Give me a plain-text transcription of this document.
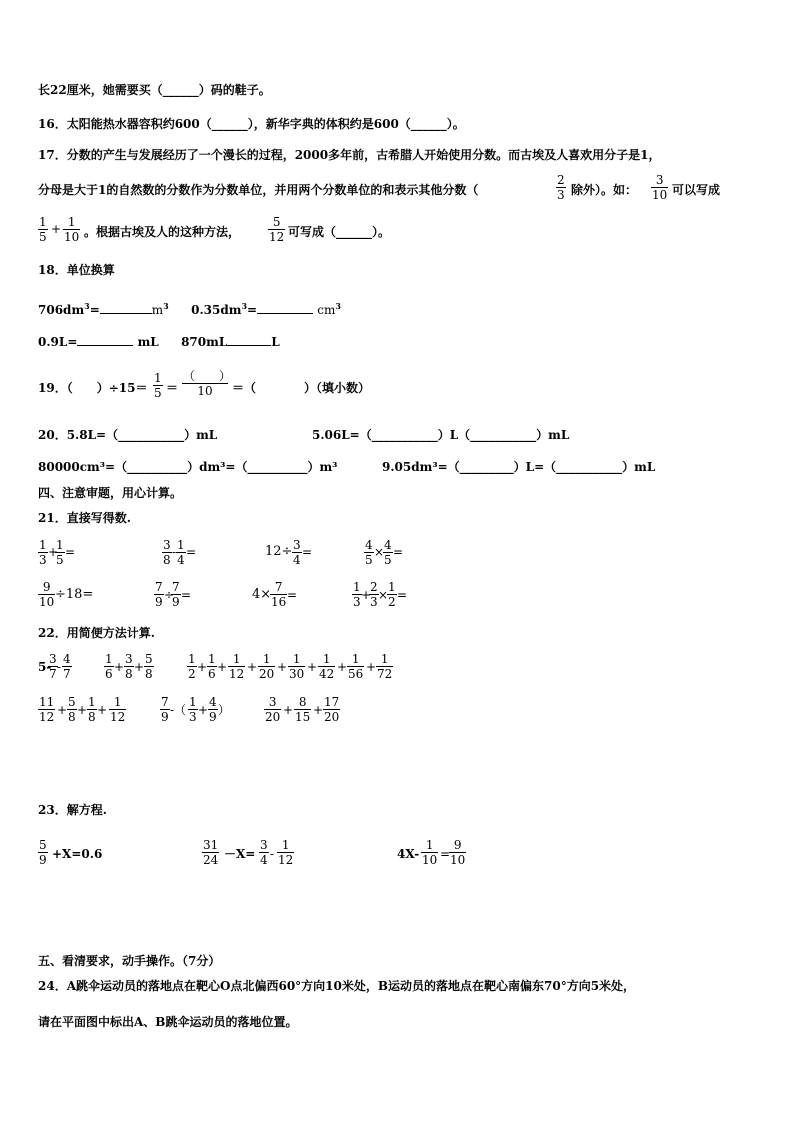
长22厘米，她需要买（______）码的鞋子。
16．太阳能热水器容积约600（______），新华字典的体积约是600（______）。
17．分数的产生与发展经历了一个漫长的过程，2000多年前，古希腊人开始使用分数。而古埃及人喜欢用分子是1，
分母是大于1的自然数的分数作为分数单位，并用两个分数单位的和表示其他分数（
2
3 除外）。如：
3
10 可以写成
1
5
+ 1
10 。根据古埃及人的这种方法，
5
12 可写成（______）。
18．单位换算
$706dm^3=$	$m^3$ $0.35dm^3=$	$cm^3$
0.9L=	mL 870mL	L
19．（　　）÷15＝
1
5 ＝
（　　）
10 ＝（　　　　）（填小数）
20．5.8L=（___________）mL	5.06L=（___________）L（___________）mL
80000cm³=（__________）dm³=（__________）m³	9.05dm³=（_________）L=（___________）mL
四、注意审题，用心计算。
21．直接写得数.
1
3
+
1
5
=	3
8
- 1
4
=	12÷ 3
4
=	4
5
× 4
5
=
9
10 ÷18=	7
9 ÷
7
9 =	4× 7
16 =
1
3 +
2
3 ×
1
2 =
22．用简便方法计算.
5-
3
7 -
4
7
1
6 +
3
8 +
5
8
1
2 +
1
6 +
1
12 +
1
20 +
1
30 +
1
42 +
1
56 +
1
72
11
12 +
5
8 +
1
8 +
1
12
7
9 -（
1
3 +
4
9 ）
3
20 +
8
15 +
17
20
23．解方程.
5
9 +X=0.6
31
24 －X=
3
4 -
1
12	4X-
1
10 =
9
10
五、看清要求，动手操作。（7分）
24．A跳伞运动员的落地点在靶心O点北偏西60°方向10米处，B运动员的落地点在靶心南偏东70°方向5米处，
请在平面图中标出A、B跳伞运动员的落地位置。
